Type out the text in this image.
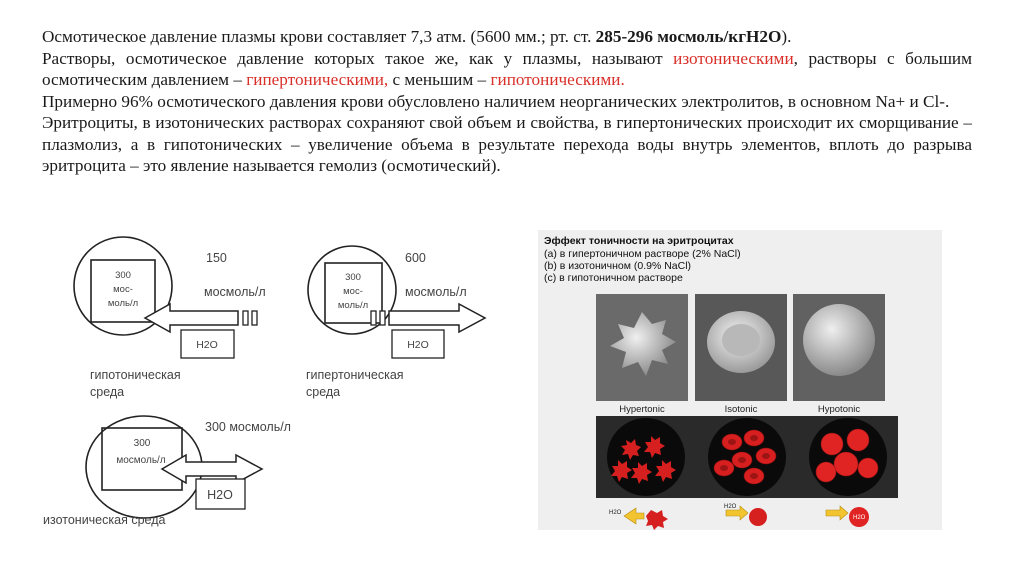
Осмотическое давление плазмы крови составляет 7,3 атм. (5600 мм.; рт. ст. 285-296 мосмоль/кгН2О).

Растворы, осмотическое давление которых такое же, как у плазмы, называют изотоническими, растворы с большим осмотическим давлением – гипертоническими, с меньшим – гипотоническими.

Примерно 96% осмотического давления крови обусловлено наличием неорганических электролитов, в основном Na+ и Cl-.

Эритроциты, в изотонических растворах сохраняют свой объем и свойства, в гипертонических происходит их сморщивание – плазмолиз, а в гипотонических – увеличение объема в результате перехода воды внутрь элементов, вплоть до разрыва эритроцита – это явление называется гемолиз (осмотический).

300
мос-
моль/л
150
мосмоль/л
H2O
гипотоническая
среда
300
мос-
моль/л
600
мосмоль/л
H2O
гипертоническая
среда
300
мосмоль/л
300 мосмоль/л
H2O
изотоническая среда
Эффект тоничности на эритроцитах
(a) в гипертоничном растворе (2% NaCl)
(b) в изотоничном (0.9% NaCl)
(c) в гипотоничном растворе
Hypertonic	Isotonic	Hypotonic
H2O
H2O
H2O
